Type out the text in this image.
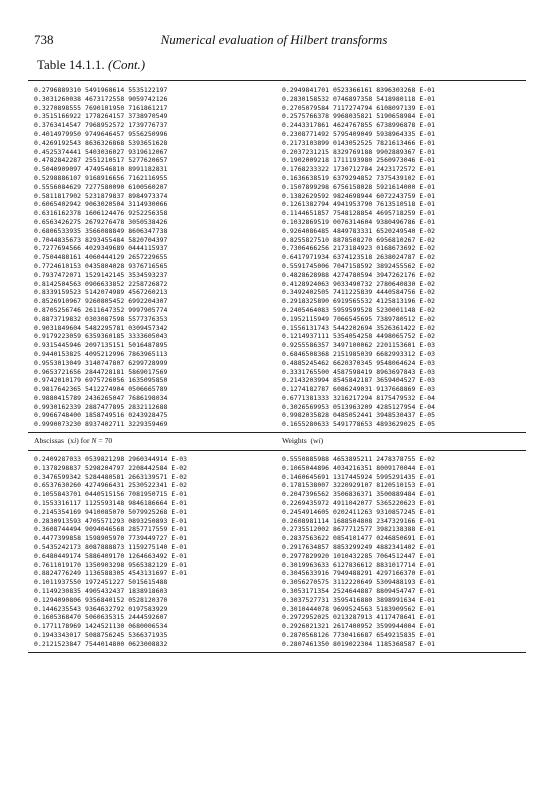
738	Numerical evaluation of Hilbert transforms
Table 14.1.1. (Cont.)
0.2796889310 5491968614 5535122197
0.3031260038 4673172558 9059742126
0.3270898555 7690101950 7161861217
0.3515166922 1778264157 3738970549
0.3763414547 7968952572 1739776737
0.4014979950 9749646457 9556250996
0.4269192543 8636326868 5393651628
0.4525374441 5403036027 9319612067
0.4782842287 2551210517 5277620657
0.5040909097 4749546810 8991182831
0.5298886107 9168916656 7162116955
0.5556084629 7277580090 6100560207
0.5811817902 5231879837 8984973374
0.6065402942 9063020504 3114930066
0.6316162378 1606124476 9252256358
0.6563426275 2679276478 3050538426
0.6806533935 3566088849 8606347738
0.7044835673 8293455484 5820704397
0.7277694566 4029349689 0444115937
0.7504488161 4060444129 2657229655
0.7724610153 0435804028 9376716565
0.7937472071 1529142145 3534593237
0.8142504563 0906633852 2258726872
0.8339159523 5142074989 4567260213
0.8526910967 9260805452 6992204307
0.8705256746 2611647352 9997905774
0.8873719832 0303087598 5577376353
0.9031849604 5482295781 0309457342
0.9179223059 6359360185 3333605043
0.9315445946 2097135151 5016487895
0.9440153825 4095212996 7863965113
0.9553013049 3140747807 6299728999
0.9653721656 2844728181 5869017569
0.9742010179 6975726056 1635095850
0.9817642365 5412274904 0506665789
0.9880415789 2436265047 7686198034
0.9930162339 2887477895 2832112688
0.9966748400 1858749516 0243928475
0.9990073230 8937402711 3229359469
0.2949841701 0523366161 8396303268 E-01
0.2830158532 0746897358 5418980118 E-01
0.2705079584 7117274794 6108097139 E-01
0.2575766378 9968035821 5190658984 E-01
0.2443317861 4624767855 6738996878 E-01
0.2308771492 5795409049 5938964335 E-01
0.2173103899 0143052525 7821613466 E-01
0.2037231215 8329769188 9902889367 E-01
0.1902009218 1711193980 2560973046 E-01
0.1768233322 1730712784 2423172572 E-01
0.1636638519 6379294852 7375439102 E-01
0.1507899298 6756158028 5921614000 E-01
0.1382629592 9824698944 6072243759 E-01
0.1261382794 4941953790 7613510518 E-01
0.1144651857 7548128854 4695718259 E-01
0.1032869519 0076314604 9380496786 E-01
0.9264086485 4849783331 6520249540 E-02
0.8255827510 8878508270 6956810267 E-02
0.7306466256 2173184923 0168673692 E-02
0.6417971934 6374123518 2638024787 E-02
0.5591745006 7047158592 3892455562 E-02
0.4828628988 4274780594 3947262176 E-02
0.4128924063 9033490732 2780640830 E-02
0.3492402505 7411225839 4440584756 E-02
0.2918325890 6919565532 4125813196 E-02
0.2405464083 5959599528 5230001148 E-02
0.1952115949 7066545695 7389780512 E-02
0.1556131743 5442202694 3526361422 E-02
0.1214937111 5354054258 4498065752 E-02
0.9255586357 3497100062 2201153601 E-03
0.6846508368 2151985039 6682993312 E-03
0.4885245462 6620370345 9548064624 E-03
0.3331765500 4587598419 8963697843 E-03
0.2143203994 8545842187 3659404527 E-03
0.1274182787 6086249031 9137668869 E-03
0.6771381333 3216217294 8175479532 E-04
0.3026569953 0513963209 4285127954 E-04
0.9982035828 0485052441 3948530437 E-05
0.1655280633 5491778653 4893629025 E-05
Abscissas (xi) for N = 70	Weights (wi)
0.2409287033 0539821298 2960344914 E-03
0.1378298837 5298204797 2208442584 E-02
0.3476599342 5284480581 2663139571 E-02
0.6537630260 4274966431 2530522341 E-02
0.1055843701 0440515156 7081950715 E-01
0.1553316117 1125593148 9846186664 E-01
0.2145354169 9410085070 5079925268 E-01
0.2830913593 4705571293 0893250893 E-01
0.3608744494 9094046568 2857717559 E-01
0.4477399858 1598905970 7739449727 E-01
0.5435242173 8087888873 1159275140 E-01
0.6480449174 5886409170 1264663492 E-01
0.7611019170 1350903298 9565382129 E-01
0.8824776249 1136588305 4543131697 E-01
0.1011937550 1972451227 5015615488
0.1149230835 4905432437 1838918603
0.1294090806 9356840152 0528120370
0.1446235543 9364632792 0197583929
0.1605368470 5060635315 2444592607
0.1771178969 1424521130 0680006534
0.1943343017 5088756245 5366371935
0.2121523847 7544014800 0623008832
0.5550885988 4653895211 2478378755 E-02
0.1065044896 4034216351 8009170044 E-01
0.1460645691 1317445924 5995291435 E-01
0.1781538007 3220929107 8120510153 E-01
0.2047396562 3506836371 3500889484 E-01
0.2269435972 4911042077 5365220623 E-01
0.2454914605 0202411263 9310857245 E-01
0.2608981114 1688504808 2347329166 E-01
0.2735512002 8677712577 3982138388 E-01
0.2837563622 0854101477 0246850691 E-01
0.2917634857 8853299249 4882341402 E-01
0.2977829920 1010432285 7064512447 E-01
0.3019963633 6127836612 8831017714 E-01
0.3045633916 7949488291 4297166370 E-01
0.3056270575 3112220649 5309488193 E-01
0.3053171354 2524644887 8809454747 E-01
0.3037527731 3595416880 3898991634 E-01
0.3010444078 9699524563 5183909562 E-01
0.2972952025 0213287913 4117478641 E-01
0.2926021321 2617400952 3599944004 E-01
0.2870568126 7730416687 6549215835 E-01
0.2807461350 8019022304 1185368587 E-01
